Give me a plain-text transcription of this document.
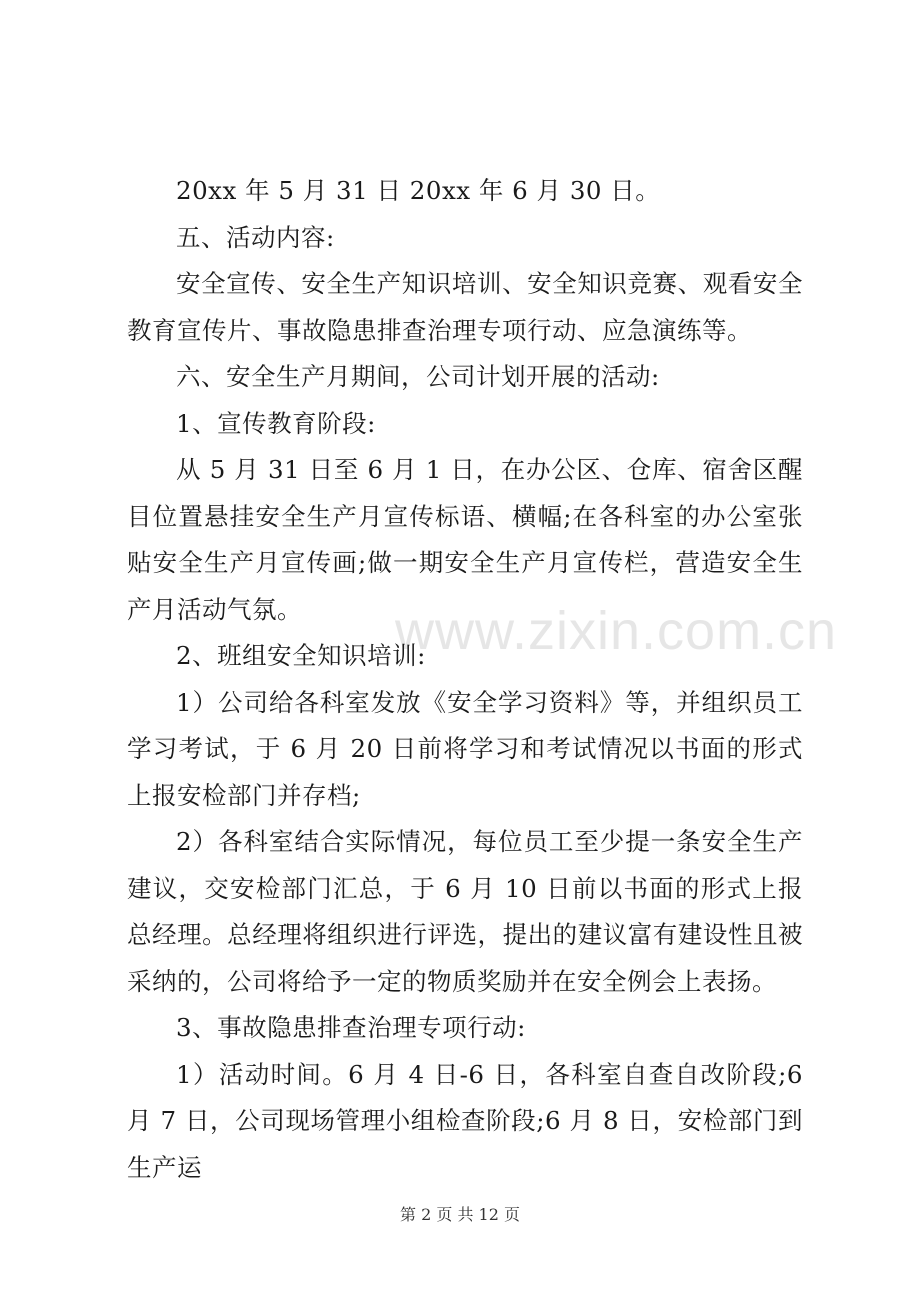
www.zixin.com.cn

20xx 年 5 月 31 日 20xx 年 6 月 30 日。

五、活动内容:

安全宣传、安全生产知识培训、安全知识竞赛、观看安全教育宣传片、事故隐患排查治理专项行动、应急演练等。

六、安全生产月期间，公司计划开展的活动:

1、宣传教育阶段:

从 5 月 31 日至 6 月 1 日，在办公区、仓库、宿舍区醒目位置悬挂安全生产月宣传标语、横幅;在各科室的办公室张贴安全生产月宣传画;做一期安全生产月宣传栏，营造安全生产月活动气氛。

2、班组安全知识培训:

1）公司给各科室发放《安全学习资料》等，并组织员工学习考试，于 6 月 20 日前将学习和考试情况以书面的形式上报安检部门并存档;

2）各科室结合实际情况，每位员工至少提一条安全生产建议，交安检部门汇总，于 6 月 10 日前以书面的形式上报总经理。总经理将组织进行评选，提出的建议富有建设性且被采纳的，公司将给予一定的物质奖励并在安全例会上表扬。

3、事故隐患排查治理专项行动:

1）活动时间。6 月 4 日-6 日，各科室自查自改阶段;6 月 7 日，公司现场管理小组检查阶段;6 月 8 日，安检部门到生产运

第 2 页 共 12 页
